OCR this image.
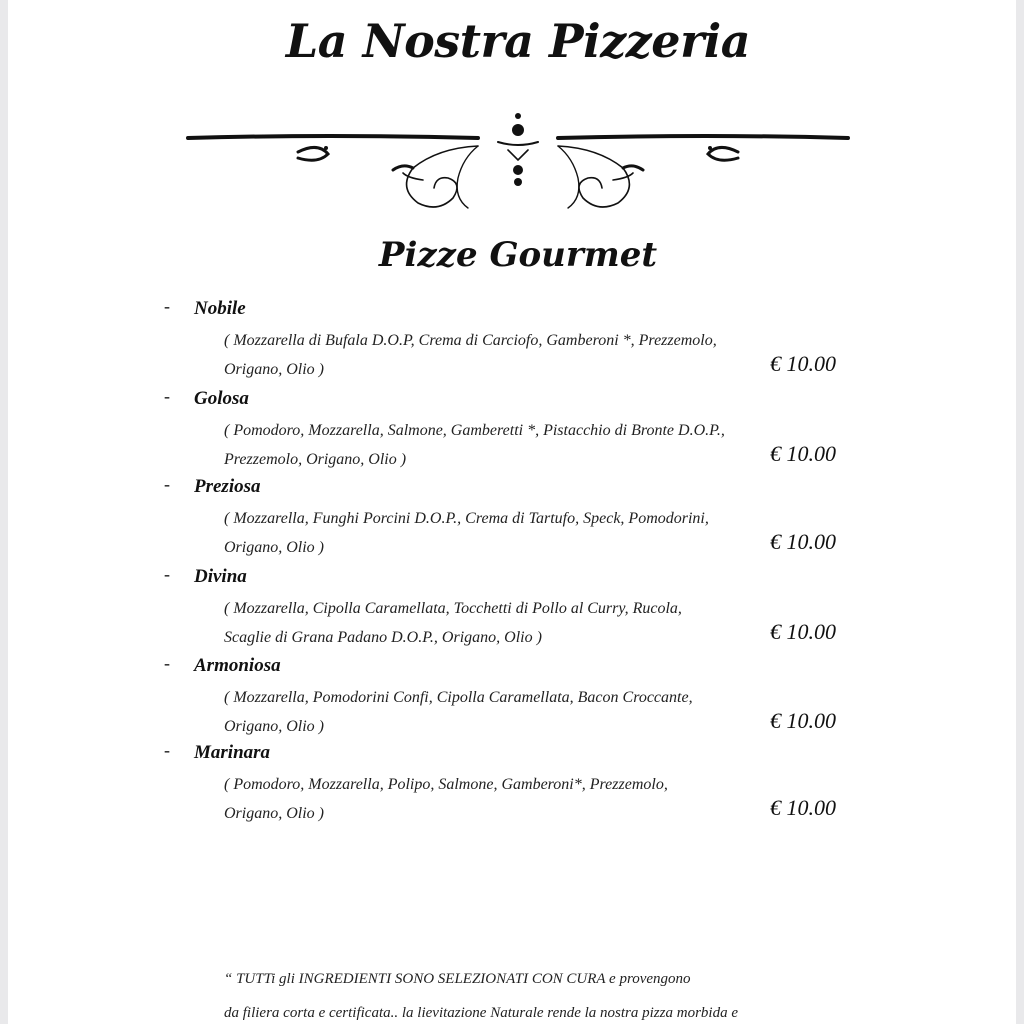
La Nostra Pizzeria
Pizze Gourmet
- Nobile
( Mozzarella di Bufala D.O.P, Crema di Carciofo, Gamberoni *, Prezzemolo,
Origano, Olio )	€ 10.00
- Golosa
( Pomodoro, Mozzarella, Salmone, Gamberetti *, Pistacchio di Bronte D.O.P.,
Prezzemolo, Origano, Olio )	€ 10.00
- Preziosa
( Mozzarella, Funghi Porcini D.O.P., Crema di Tartufo, Speck, Pomodorini,
Origano, Olio )	€ 10.00
- Divina
( Mozzarella, Cipolla Caramellata, Tocchetti di Pollo al Curry, Rucola,
Scaglie di Grana Padano D.O.P., Origano, Olio )	€ 10.00
- Armoniosa
( Mozzarella, Pomodorini Confi, Cipolla Caramellata, Bacon Croccante,
Origano, Olio )	€ 10.00
- Marinara
( Pomodoro, Mozzarella, Polipo, Salmone, Gamberoni*, Prezzemolo,
Origano, Olio )	€ 10.00
“ TUTTi gli INGREDIENTI SONO SELEZIONATI CON CURA e provengono
da filiera corta e certificata.. la lievitazione Naturale rende la nostra pizza morbida e
